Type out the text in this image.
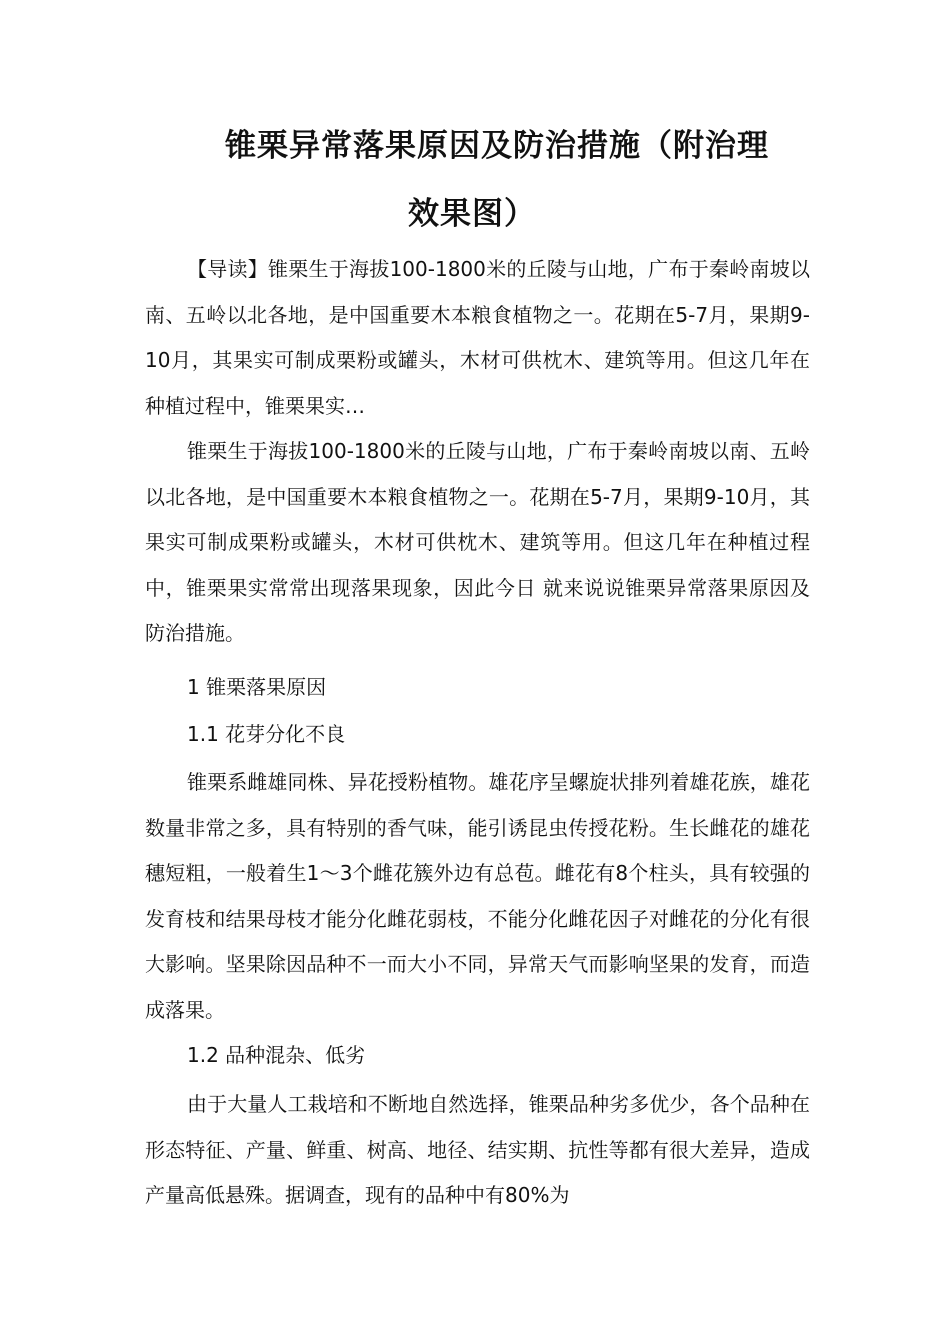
锥栗异常落果原因及防治措施（附治理
效果图）

【导读】锥栗生于海拔100-1800米的丘陵与山地，广布于秦岭南坡以南、五岭以北各地，是中国重要木本粮食植物之一。花期在5-7月，果期9-10月，其果实可制成栗粉或罐头，木材可供枕木、建筑等用。但这几年在种植过程中，锥栗果实…

锥栗生于海拔100-1800米的丘陵与山地，广布于秦岭南坡以南、五岭以北各地，是中国重要木本粮食植物之一。花期在5-7月，果期9-10月，其果实可制成栗粉或罐头，木材可供枕木、建筑等用。但这几年在种植过程中，锥栗果实常常出现落果现象，因此今日 就来说说锥栗异常落果原因及防治措施。

1 锥栗落果原因

1.1 花芽分化不良

锥栗系雌雄同株、异花授粉植物。雄花序呈螺旋状排列着雄花族，雄花数量非常之多，具有特别的香气味，能引诱昆虫传授花粉。生长雌花的雄花穗短粗，一般着生1～3个雌花簇外边有总苞。雌花有8个柱头，具有较强的发育枝和结果母枝才能分化雌花弱枝，不能分化雌花因子对雌花的分化有很大影响。坚果除因品种不一而大小不同，异常天气而影响坚果的发育，而造成落果。

1.2 品种混杂、低劣

由于大量人工栽培和不断地自然选择，锥栗品种劣多优少，各个品种在形态特征、产量、鲜重、树高、地径、结实期、抗性等都有很大差异，造成产量高低悬殊。据调查，现有的品种中有80%为
